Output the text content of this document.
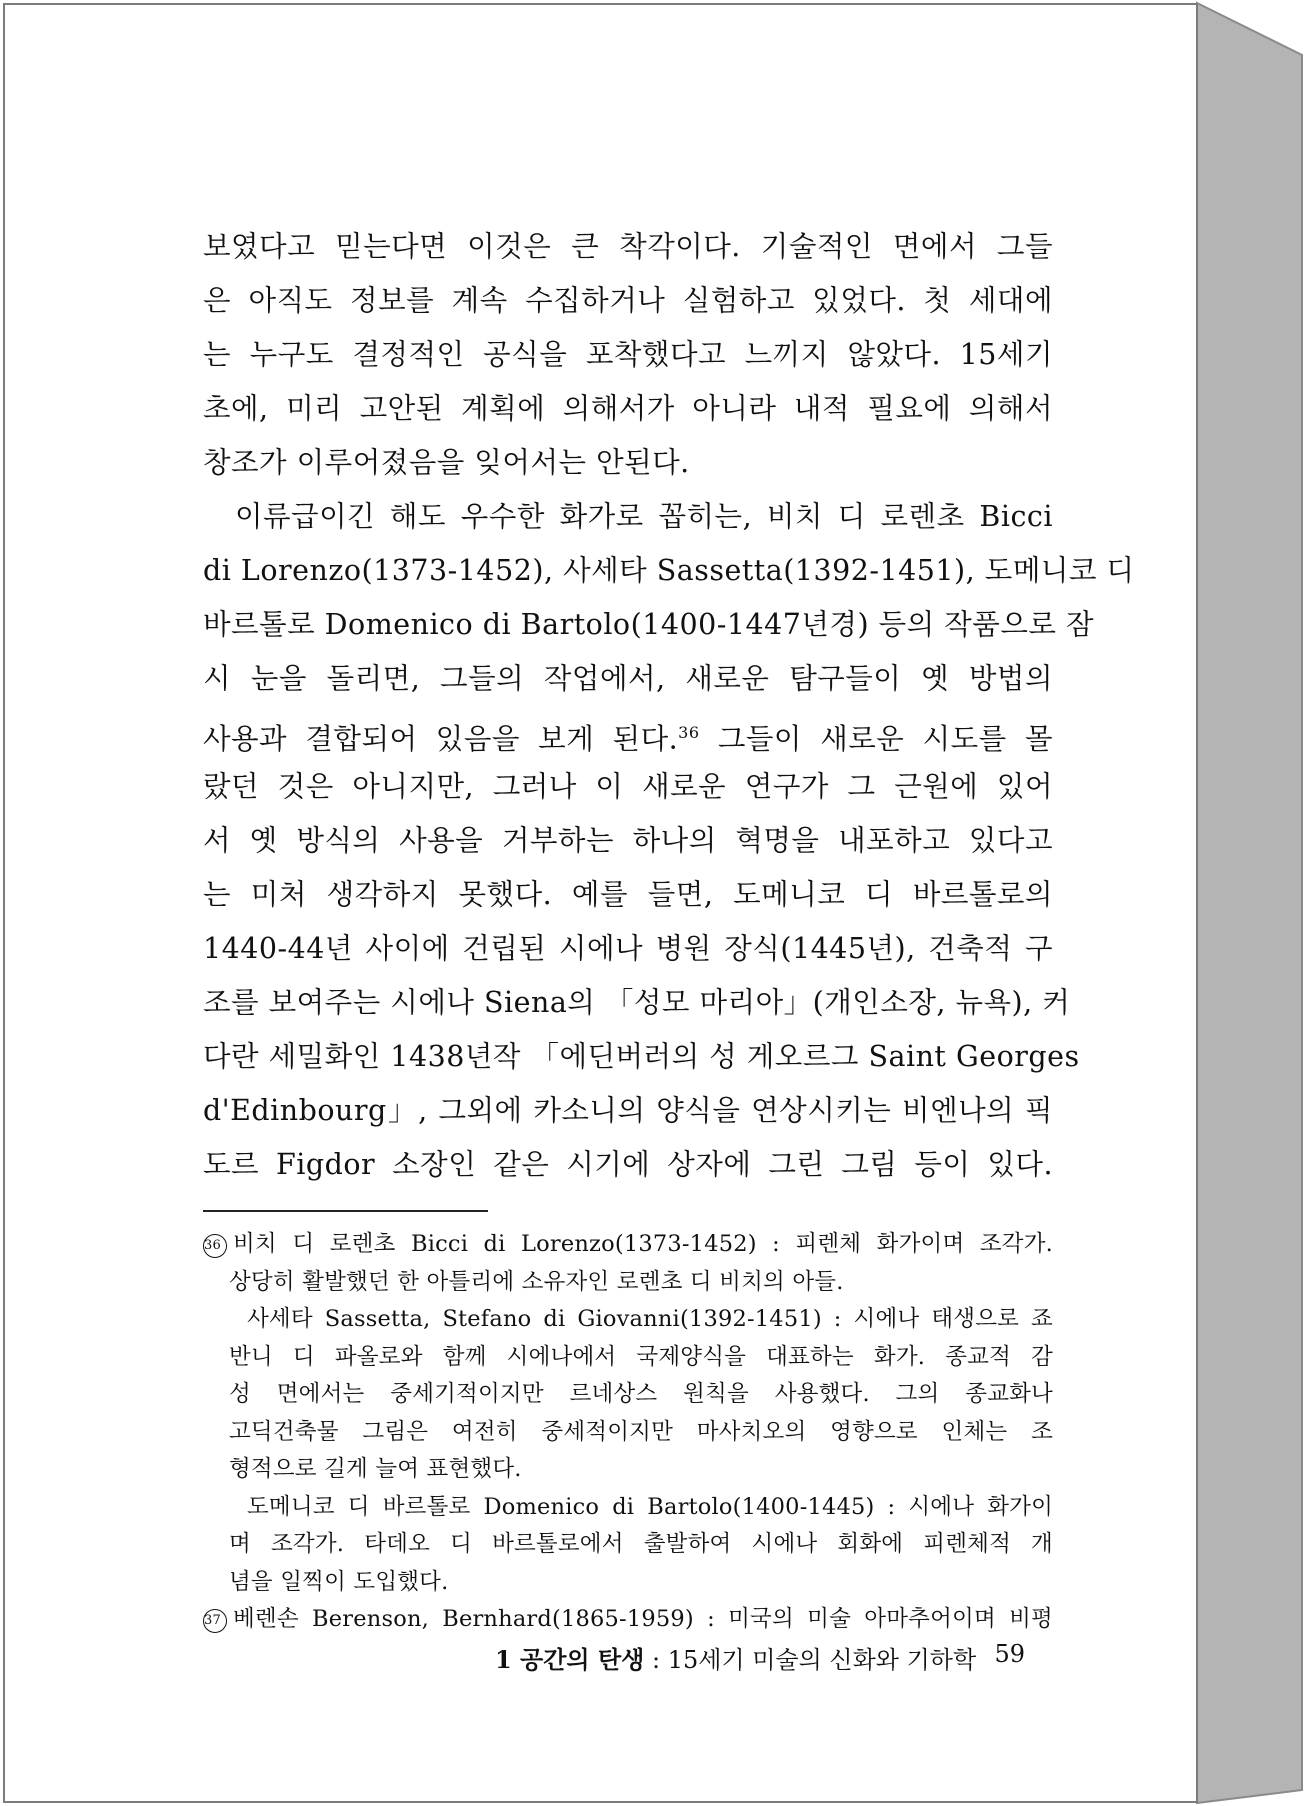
보였다고 믿는다면 이것은 큰 착각이다. 기술적인 면에서 그들
은 아직도 정보를 계속 수집하거나 실험하고 있었다. 첫 세대에
는 누구도 결정적인 공식을 포착했다고 느끼지 않았다. 15세기
초에, 미리 고안된 계획에 의해서가 아니라 내적 필요에 의해서
창조가 이루어졌음을 잊어서는 안된다.
이류급이긴 해도 우수한 화가로 꼽히는, 비치 디 로렌초 Bicci
di Lorenzo(1373-1452), 사세타 Sassetta(1392-1451), 도메니코 디
바르톨로 Domenico di Bartolo(1400-1447년경) 등의 작품으로 잠
시 눈을 돌리면, 그들의 작업에서, 새로운 탐구들이 옛 방법의
사용과 결합되어 있음을 보게 된다.$^{36}$ 그들이 새로운 시도를 몰
랐던 것은 아니지만, 그러나 이 새로운 연구가 그 근원에 있어
서 옛 방식의 사용을 거부하는 하나의 혁명을 내포하고 있다고
는 미처 생각하지 못했다. 예를 들면, 도메니코 디 바르톨로의
1440-44년 사이에 건립된 시에나 병원 장식(1445년), 건축적 구
조를 보여주는 시에나 Siena의 「성모 마리아」(개인소장, 뉴욕), 커
다란 세밀화인 1438년작 「에딘버러의 성 게오르그 Saint Georges
d'Edinbourg」, 그외에 카소니의 양식을 연상시키는 비엔나의 픽
도르 Figdor 소장인 같은 시기에 상자에 그린 그림 등이 있다.
36 비치 디 로렌초 Bicci di Lorenzo(1373-1452) : 피렌체 화가이며 조각가.
상당히 활발했던 한 아틀리에 소유자인 로렌초 디 비치의 아들.
사세타 Sassetta, Stefano di Giovanni(1392-1451) : 시에나 태생으로 죠
반니 디 파올로와 함께 시에나에서 국제양식을 대표하는 화가. 종교적 감
성 면에서는 중세기적이지만 르네상스 원칙을 사용했다. 그의 종교화나
고딕건축물 그림은 여전히 중세적이지만 마사치오의 영향으로 인체는 조
형적으로 길게 늘여 표현했다.
도메니코 디 바르톨로 Domenico di Bartolo(1400-1445) : 시에나 화가이
며 조각가. 타데오 디 바르톨로에서 출발하여 시에나 회화에 피렌체적 개
념을 일찍이 도입했다.
37 베렌손 Berenson, Bernhard(1865-1959) : 미국의 미술 아마추어이며 비평
1 공간의 탄생 : 15세기 미술의 신화와 기하학 59
